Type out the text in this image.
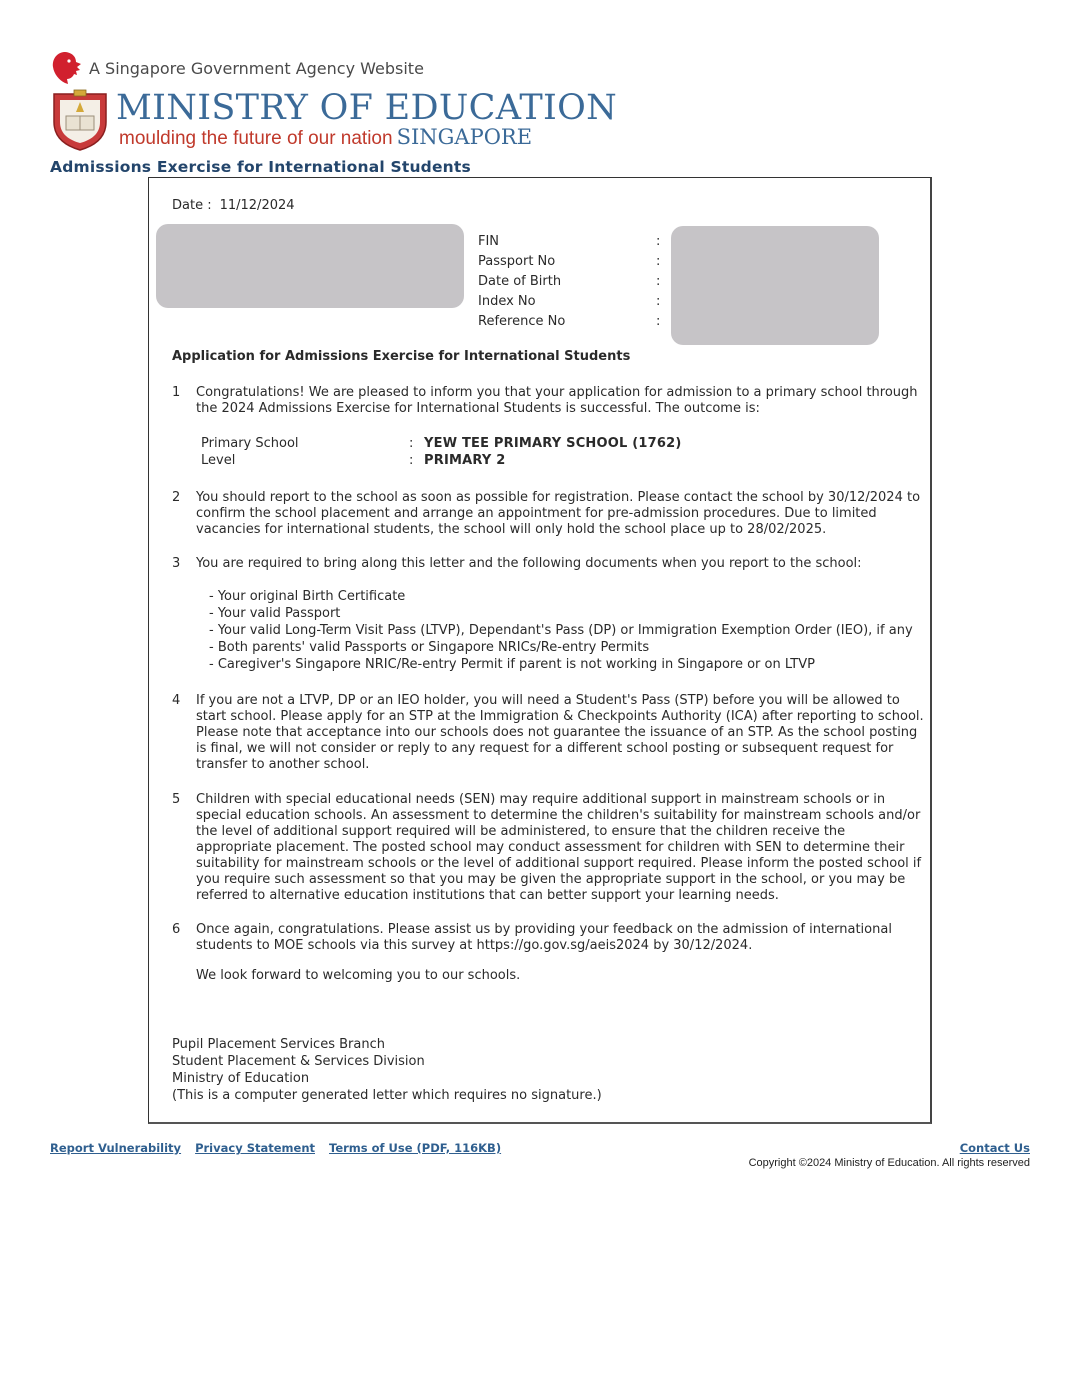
A Singapore Government Agency Website
MINISTRY OF EDUCATION
moulding the future of our nation SINGAPORE
Admissions Exercise for International Students
Date : 11/12/2024
FIN	:
Passport No	:
Date of Birth	:
Index No	:
Reference No	:
Application for Admissions Exercise for International Students
1 Congratulations! We are pleased to inform you that your application for admission to a primary school through the 2024 Admissions Exercise for International Students is successful. The outcome is:
Primary School	: YEW TEE PRIMARY SCHOOL (1762)
Level	: PRIMARY 2
2 You should report to the school as soon as possible for registration. Please contact the school by 30/12/2024 to confirm the school placement and arrange an appointment for pre-admission procedures. Due to limited vacancies for international students, the school will only hold the school place up to 28/02/2025.
3 You are required to bring along this letter and the following documents when you report to the school:
- Your original Birth Certificate
- Your valid Passport
- Your valid Long-Term Visit Pass (LTVP), Dependant's Pass (DP) or Immigration Exemption Order (IEO), if any
- Both parents' valid Passports or Singapore NRICs/Re-entry Permits
- Caregiver's Singapore NRIC/Re-entry Permit if parent is not working in Singapore or on LTVP
4 If you are not a LTVP, DP or an IEO holder, you will need a Student's Pass (STP) before you will be allowed to start school. Please apply for an STP at the Immigration & Checkpoints Authority (ICA) after reporting to school. Please note that acceptance into our schools does not guarantee the issuance of an STP. As the school posting is final, we will not consider or reply to any request for a different school posting or subsequent request for transfer to another school.
5 Children with special educational needs (SEN) may require additional support in mainstream schools or in special education schools. An assessment to determine the children's suitability for mainstream schools and/or the level of additional support required will be administered, to ensure that the children receive the appropriate placement. The posted school may conduct assessment for children with SEN to determine their suitability for mainstream schools or the level of additional support required. Please inform the posted school if you require such assessment so that you may be given the appropriate support in the school, or you may be referred to alternative education institutions that can better support your learning needs.
6 Once again, congratulations. Please assist us by providing your feedback on the admission of international students to MOE schools via this survey at https://go.gov.sg/aeis2024 by 30/12/2024.
We look forward to welcoming you to our schools.
Pupil Placement Services Branch
Student Placement & Services Division
Ministry of Education
(This is a computer generated letter which requires no signature.)
Report Vulnerability Privacy Statement Terms of Use (PDF, 116KB)	Contact Us
Copyright ©2024 Ministry of Education. All rights reserved
